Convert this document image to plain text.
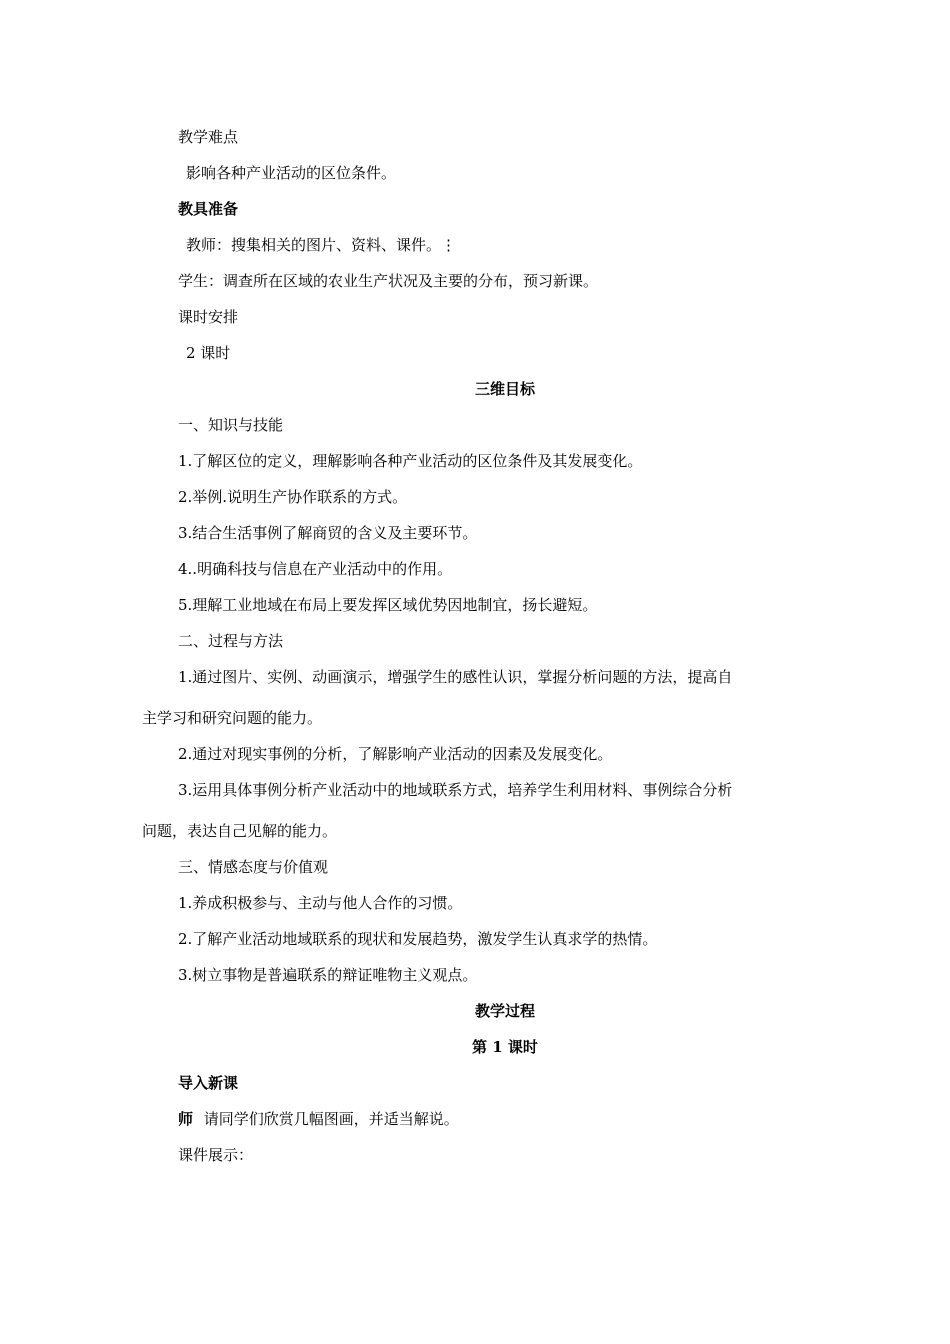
教学难点
影响各种产业活动的区位条件。
教具准备
教师：搜集相关的图片、资料、课件。⋮
学生：调查所在区域的农业生产状况及主要的分布，预习新课。
课时安排
2 课时
三维目标
一、知识与技能
1.了解区位的定义，理解影响各种产业活动的区位条件及其发展变化。
2.举例.说明生产协作联系的方式。
3.结合生活事例了解商贸的含义及主要环节。
4..明确科技与信息在产业活动中的作用。
5.理解工业地域在布局上要发挥区域优势因地制宜，扬长避短。
二、过程与方法
1.通过图片、实例、动画演示，增强学生的感性认识，掌握分析问题的方法，提高自
主学习和研究问题的能力。
2.通过对现实事例的分析，了解影响产业活动的因素及发展变化。
3.运用具体事例分析产业活动中的地域联系方式，培养学生利用材料、事例综合分析
问题，表达自己见解的能力。
三、情感态度与价值观
1.养成积极参与、主动与他人合作的习惯。
2.了解产业活动地域联系的现状和发展趋势，激发学生认真求学的热情。
3.树立事物是普遍联系的辩证唯物主义观点。
教学过程
第 1 课时
导入新课
师 请同学们欣赏几幅图画，并适当解说。
课件展示：
